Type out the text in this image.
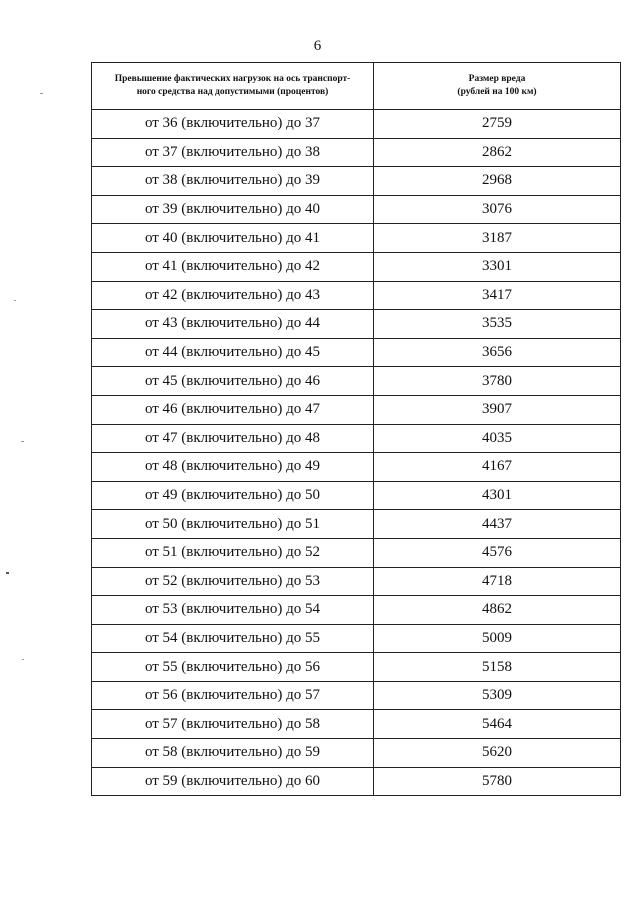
6
Превышение фактических нагрузок на ось транспорт-
ного средства над допустимыми (процентов)	Размер вреда
(рублей на 100 км)

от 36 (включительно) до 37	2759
от 37 (включительно) до 38	2862
от 38 (включительно) до 39	2968
от 39 (включительно) до 40	3076
от 40 (включительно) до 41	3187
от 41 (включительно) до 42	3301
от 42 (включительно) до 43	3417
от 43 (включительно) до 44	3535
от 44 (включительно) до 45	3656
от 45 (включительно) до 46	3780
от 46 (включительно) до 47	3907
от 47 (включительно) до 48	4035
от 48 (включительно) до 49	4167
от 49 (включительно) до 50	4301
от 50 (включительно) до 51	4437
от 51 (включительно) до 52	4576
от 52 (включительно) до 53	4718
от 53 (включительно) до 54	4862
от 54 (включительно) до 55	5009
от 55 (включительно) до 56	5158
от 56 (включительно) до 57	5309
от 57 (включительно) до 58	5464
от 58 (включительно) до 59	5620
от 59 (включительно) до 60	5780
